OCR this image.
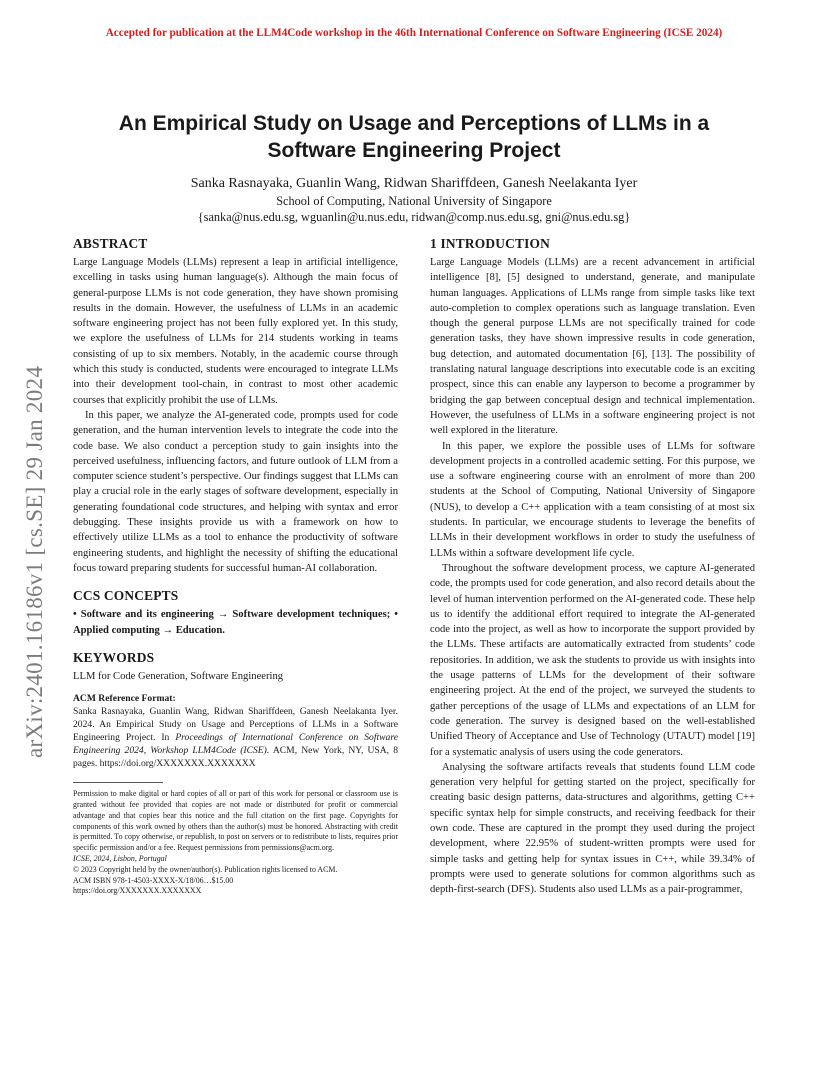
Accepted for publication at the LLM4Code workshop in the 46th International Conference on Software Engineering (ICSE 2024)
arXiv:2401.16186v1 [cs.SE] 29 Jan 2024
An Empirical Study on Usage and Perceptions of LLMs in a Software Engineering Project
Sanka Rasnayaka, Guanlin Wang, Ridwan Shariffdeen, Ganesh Neelakanta Iyer
School of Computing, National University of Singapore
{sanka@nus.edu.sg, wguanlin@u.nus.edu, ridwan@comp.nus.edu.sg, gni@nus.edu.sg}
ABSTRACT

Large Language Models (LLMs) represent a leap in artificial intelligence, excelling in tasks using human language(s). Although the main focus of general-purpose LLMs is not code generation, they have shown promising results in the domain. However, the usefulness of LLMs in an academic software engineering project has not been fully explored yet. In this study, we explore the usefulness of LLMs for 214 students working in teams consisting of up to six members. Notably, in the academic course through which this study is conducted, students were encouraged to integrate LLMs into their development tool-chain, in contrast to most other academic courses that explicitly prohibit the use of LLMs.

In this paper, we analyze the AI-generated code, prompts used for code generation, and the human intervention levels to integrate the code into the code base. We also conduct a perception study to gain insights into the perceived usefulness, influencing factors, and future outlook of LLM from a computer science student’s perspective. Our findings suggest that LLMs can play a crucial role in the early stages of software development, especially in generating foundational code structures, and helping with syntax and error debugging. These insights provide us with a framework on how to effectively utilize LLMs as a tool to enhance the productivity of software engineering students, and highlight the necessity of shifting the educational focus toward preparing students for successful human-AI collaboration.

CCS CONCEPTS

• Software and its engineering → Software development techniques; • Applied computing → Education.

KEYWORDS

LLM for Code Generation, Software Engineering

ACM Reference Format:

Sanka Rasnayaka, Guanlin Wang, Ridwan Shariffdeen, Ganesh Neelakanta Iyer. 2024. An Empirical Study on Usage and Perceptions of LLMs in a Software Engineering Project. In Proceedings of International Conference on Software Engineering 2024, Workshop LLM4Code (ICSE). ACM, New York, NY, USA, 8 pages. https://doi.org/XXXXXXX.XXXXXXX

Permission to make digital or hard copies of all or part of this work for personal or classroom use is granted without fee provided that copies are not made or distributed for profit or commercial advantage and that copies bear this notice and the full citation on the first page. Copyrights for components of this work owned by others than the author(s) must be honored. Abstracting with credit is permitted. To copy otherwise, or republish, to post on servers or to redistribute to lists, requires prior specific permission and/or a fee. Request permissions from permissions@acm.org.

ICSE, 2024, Lisbon, Portugal

© 2023 Copyright held by the owner/author(s). Publication rights licensed to ACM.

ACM ISBN 978-1-4503-XXXX-X/18/06…$15.00

https://doi.org/XXXXXXX.XXXXXXX

1 INTRODUCTION

Large Language Models (LLMs) are a recent advancement in artificial intelligence [8], [5] designed to understand, generate, and manipulate human languages. Applications of LLMs range from simple tasks like text auto-completion to complex operations such as language translation. Even though the general purpose LLMs are not specifically trained for code generation tasks, they have shown impressive results in code generation, bug detection, and automated documentation [6], [13]. The possibility of translating natural language descriptions into executable code is an exciting prospect, since this can enable any layperson to become a programmer by bridging the gap between conceptual design and technical implementation. However, the usefulness of LLMs in a software engineering project is not well explored in the literature.

In this paper, we explore the possible uses of LLMs for software development projects in a controlled academic setting. For this purpose, we use a software engineering course with an enrolment of more than 200 students at the School of Computing, National University of Singapore (NUS), to develop a C++ application with a team consisting of at most six students. In particular, we encourage students to leverage the benefits of LLMs in their development workflows in order to study the usefulness of LLMs within a software development life cycle.

Throughout the software development process, we capture AI-generated code, the prompts used for code generation, and also record details about the level of human intervention performed on the AI-generated code. These help us to identify the additional effort required to integrate the AI-generated code into the project, as well as how to incorporate the support provided by the LLMs. These artifacts are automatically extracted from students’ code repositories. In addition, we ask the students to provide us with insights into the usage patterns of LLMs for the development of their software engineering project. At the end of the project, we surveyed the students to gather perceptions of the usage of LLMs and expectations of an LLM for code generation. The survey is designed based on the well-established Unified Theory of Acceptance and Use of Technology (UTAUT) model [19] for a systematic analysis of users using the code generators.

Analysing the software artifacts reveals that students found LLM code generation very helpful for getting started on the project, specifically for creating basic design patterns, data-structures and algorithms, getting C++ specific syntax help for simple constructs, and receiving feedback for their own code. These are captured in the prompt they used during the project development, where 22.95% of student-written prompts were used for simple tasks and getting help for syntax issues in C++, while 39.34% of prompts were used to generate solutions for common algorithms such as depth-first-search (DFS). Students also used LLMs as a pair-programmer,
